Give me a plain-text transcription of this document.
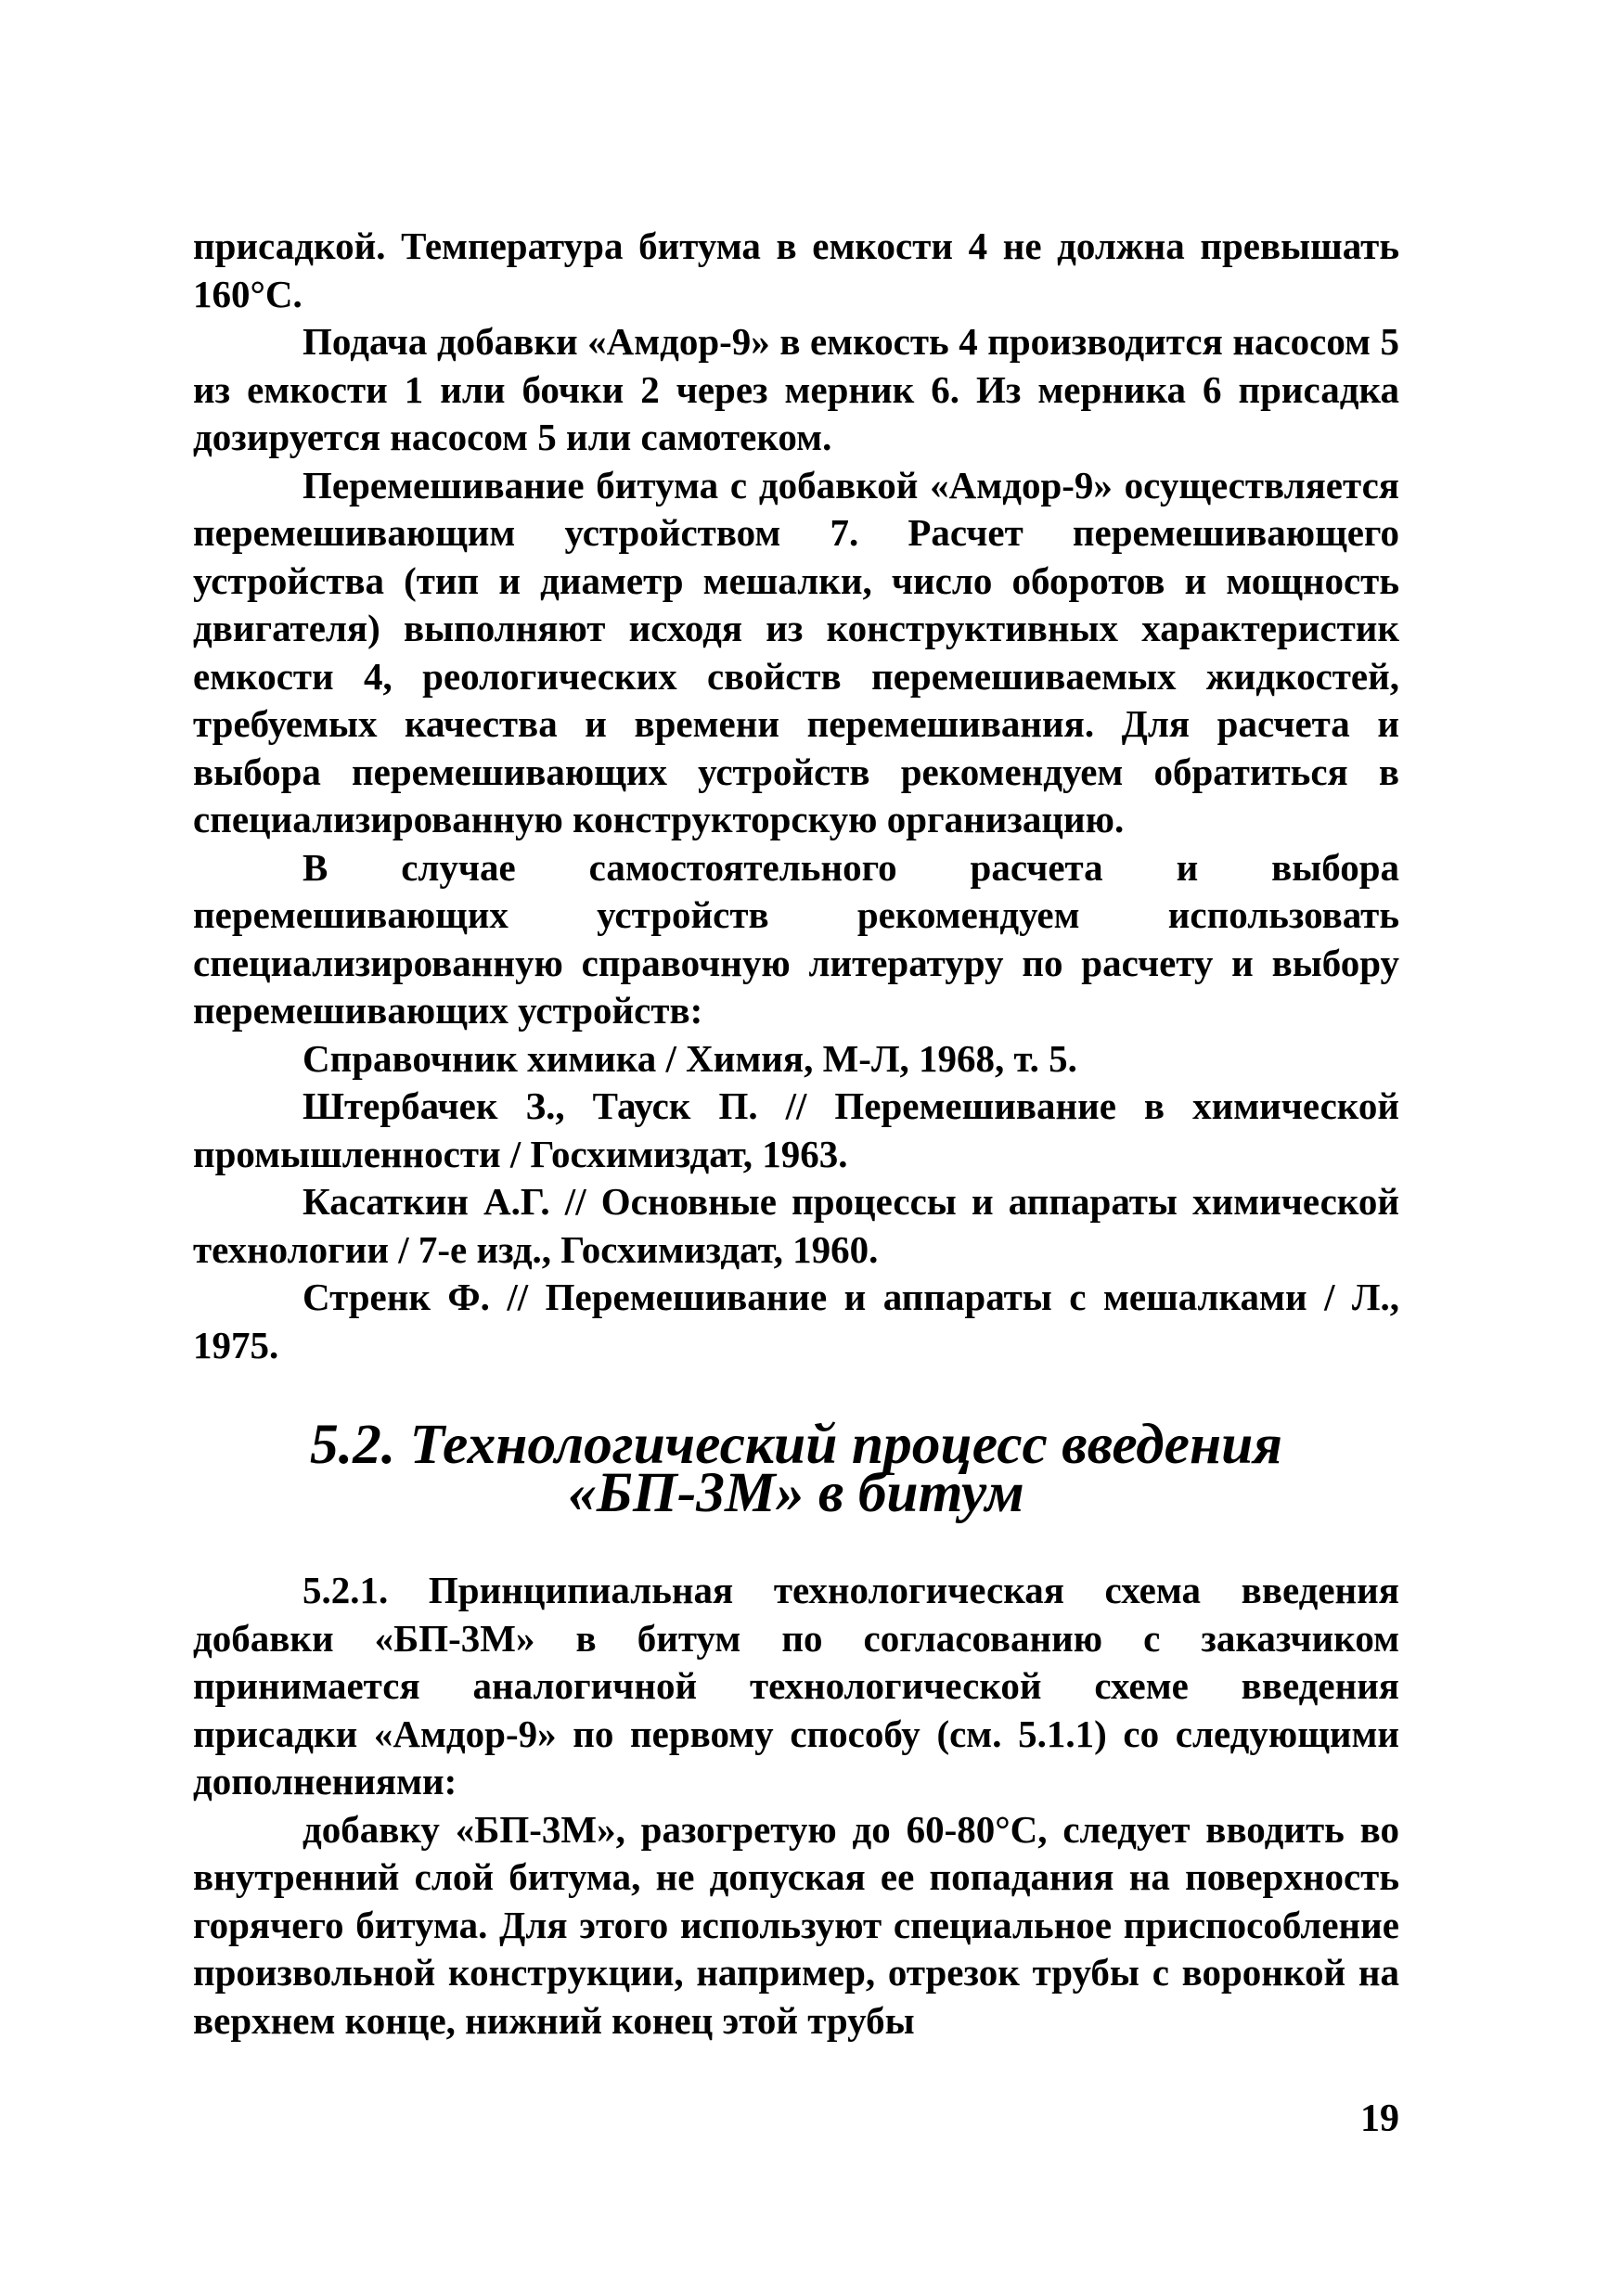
присадкой. Температура битума в емкости 4 не должна превышать 160°С.

Подача добавки «Амдор-9» в емкость 4 производится насосом 5 из емкости 1 или бочки 2 через мерник 6. Из мерника 6 присадка дозируется насосом 5 или самотеком.

Перемешивание битума с добавкой «Амдор-9» осуществляется перемешивающим устройством 7. Расчет перемешивающего устройства (тип и диаметр мешалки, число оборотов и мощность двигателя) выполняют исходя из конструктивных характеристик емкости 4, реологических свойств перемешиваемых жидкостей, требуемых качества и времени перемешивания. Для расчета и выбора перемешивающих устройств рекомендуем обратиться в специализированную конструкторскую организацию.

В случае самостоятельного расчета и выбора перемешивающих устройств рекомендуем использовать специализированную справочную литературу по расчету и выбору перемешивающих устройств:

Справочник химика / Химия, М-Л, 1968, т. 5.

Штербачек З., Тауск П. // Перемешивание в химической промышленности / Госхимиздат, 1963.

Касаткин А.Г. // Основные процессы и аппараты химической технологии / 7-е изд., Госхимиздат, 1960.

Стренк Ф. // Перемешивание и аппараты с мешалками / Л., 1975.

5.2. Технологический процесс введения «БП-3М» в битум

5.2.1. Принципиальная технологическая схема введения добавки «БП-3М» в битум по согласованию с заказчиком принимается аналогичной технологической схеме введения присадки «Амдор-9» по первому способу (см. 5.1.1) со следующими дополнениями:

добавку «БП-3М», разогретую до 60-80°С, следует вводить во внутренний слой битума, не допуская ее попадания на поверхность горячего битума. Для этого используют специальное приспособление произвольной конструкции, например, отрезок трубы с воронкой на верхнем конце, нижний конец этой трубы

19
